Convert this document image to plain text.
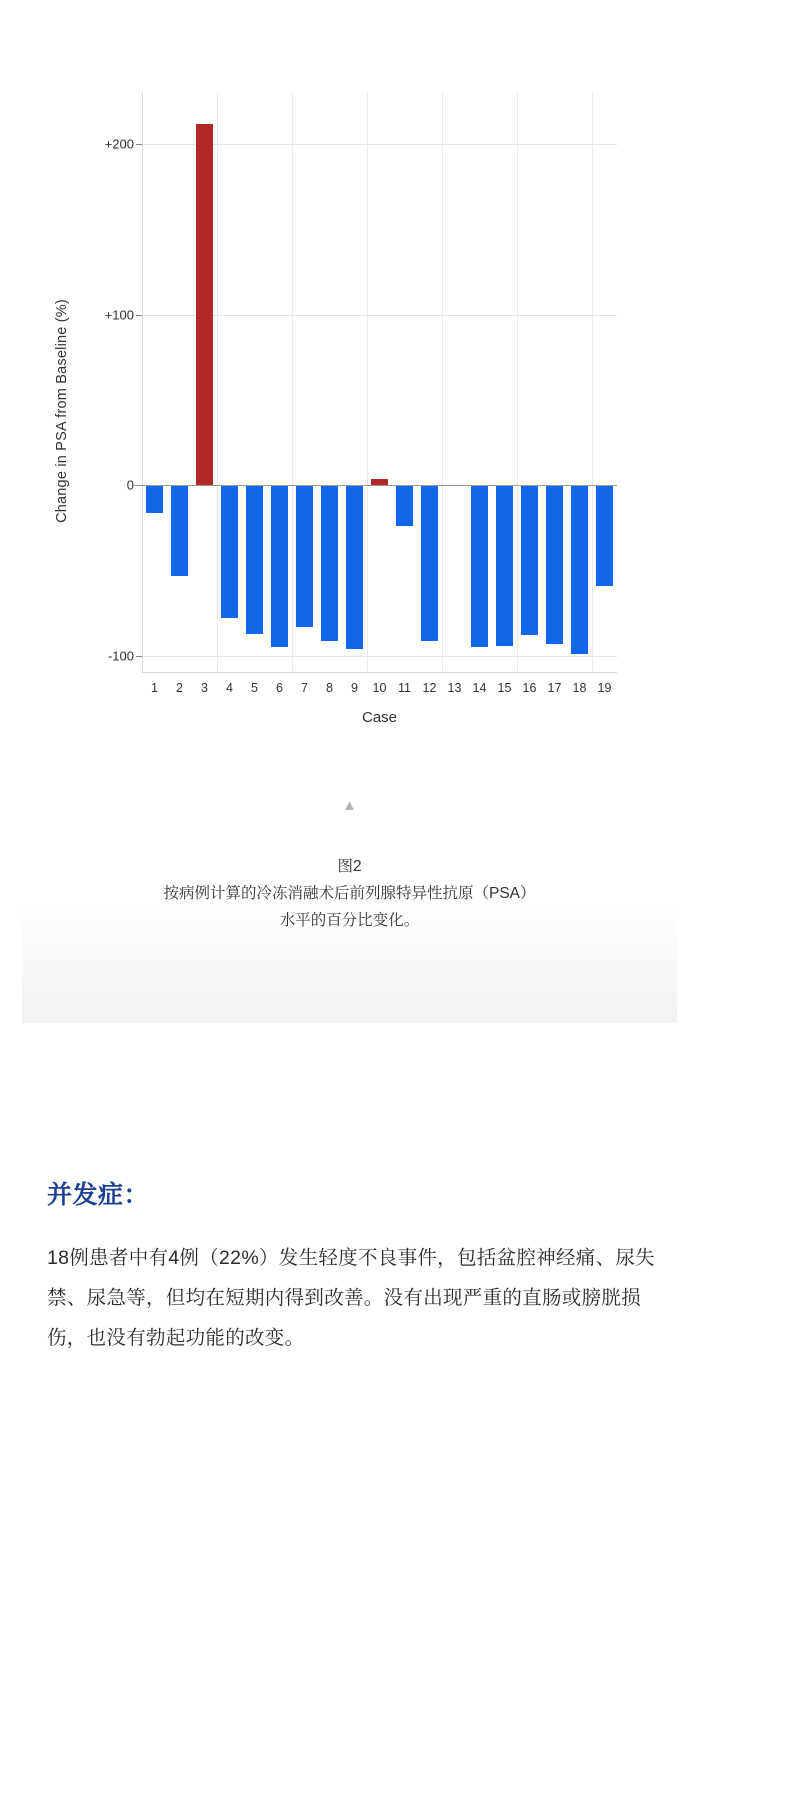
Change in PSA from Baseline (%)
-100
0
+100
+200
1	2	3	4	5	6	7	8	9	10 11 12 13 14 15 16 17 18 19
Case
▲
图2
按病例计算的冷冻消融术后前列腺特异性抗原（PSA）
水平的百分比变化。
并发症：

18例患者中有4例（22%）发生轻度不良事件，包括盆腔神经痛、尿失禁、尿急等，但均在短期内得到改善。没有出现严重的直肠或膀胱损伤，也没有勃起功能的改变。
